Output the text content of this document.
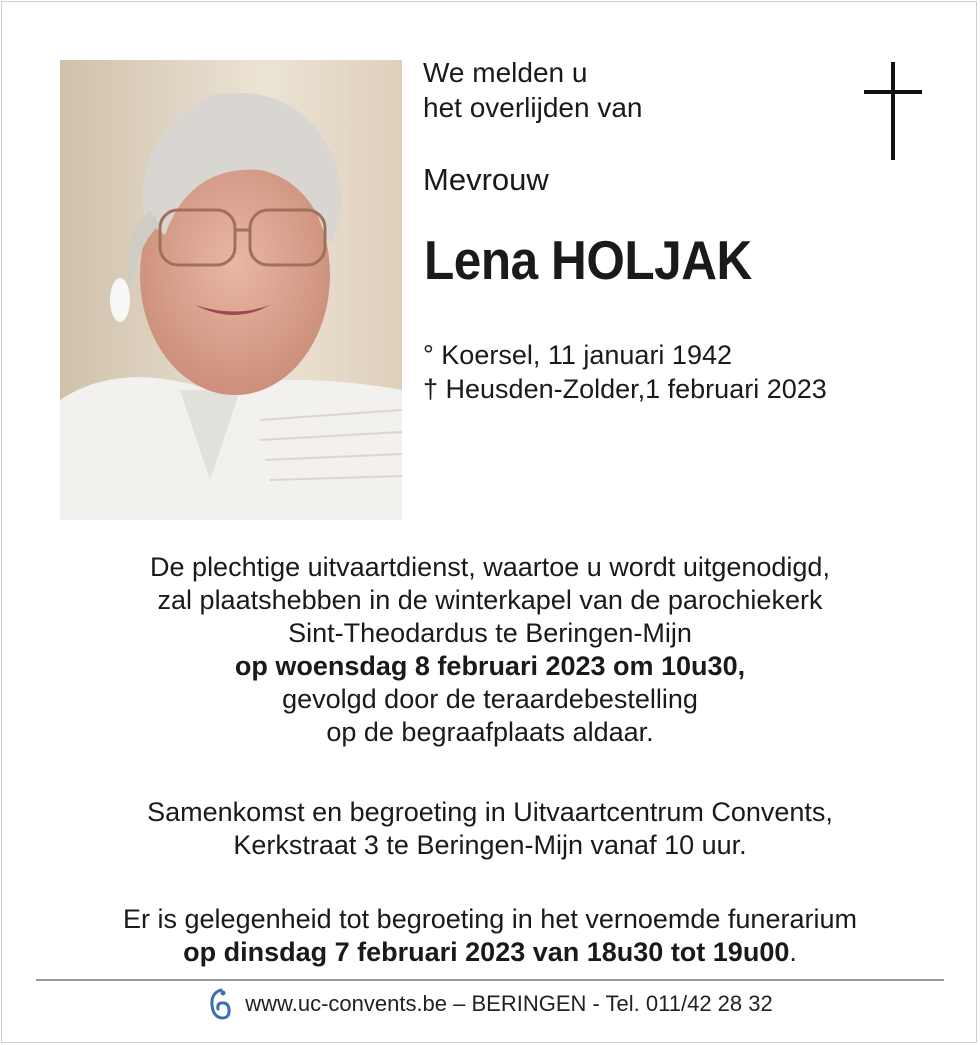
We melden u
het overlijden van
Mevrouw
Lena HOLJAK
° Koersel, 11 januari 1942
† Heusden-Zolder,1 februari 2023
De plechtige uitvaartdienst, waartoe u wordt uitgenodigd,
zal plaatshebben in de winterkapel van de parochiekerk
Sint-Theodardus te Beringen-Mijn
op woensdag 8 februari 2023 om 10u30,
gevolgd door de teraardebestelling
op de begraafplaats aldaar.
Samenkomst en begroeting in Uitvaartcentrum Convents,
Kerkstraat 3 te Beringen-Mijn vanaf 10 uur.
Er is gelegenheid tot begroeting in het vernoemde funerarium
op dinsdag 7 februari 2023 van 18u30 tot 19u00.
www.uc-convents.be – BERINGEN - Tel. 011/42 28 32
